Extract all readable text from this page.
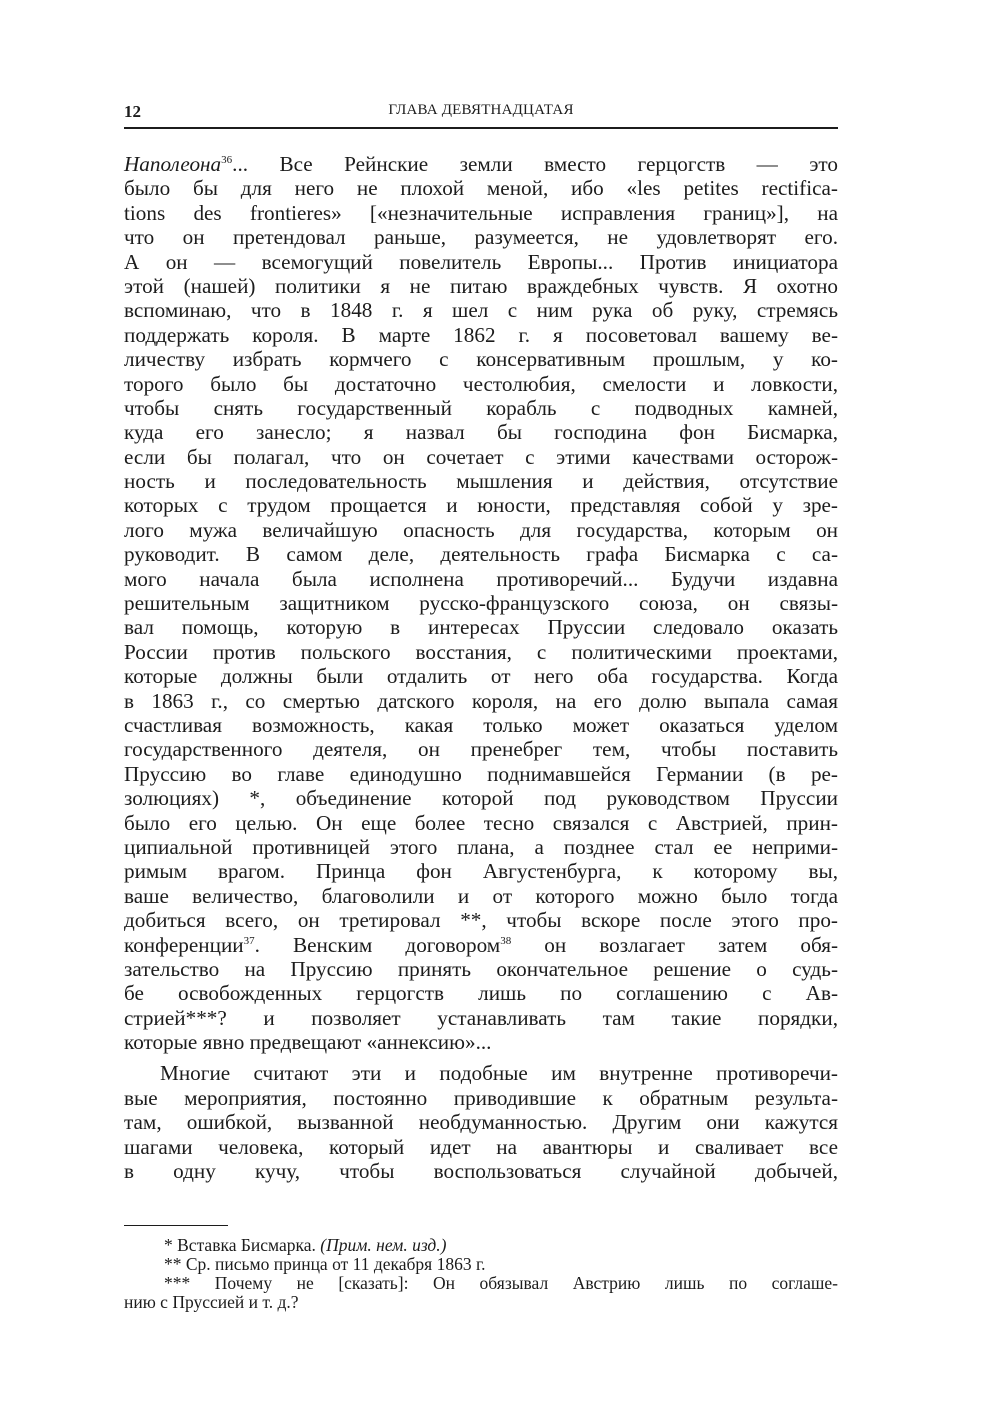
12	ГЛАВА ДЕВЯТНАДЦАТАЯ
Наполеона$^{36}$... Все Рейнские земли вместо герцогств — это
было бы для него не плохой меной, ибо «les petites rectifica-
tions des frontieres» [«незначительные исправления границ»], на
что он претендовал раньше, разумеется, не удовлетворят его.
А он — всемогущий повелитель Европы... Против инициатора
этой (нашей) политики я не питаю враждебных чувств. Я охотно
вспоминаю, что в 1848 г. я шел с ним рука об руку, стремясь
поддержать короля. В марте 1862 г. я посоветовал вашему ве-
личеству избрать кормчего с консервативным прошлым, у ко-
торого было бы достаточно честолюбия, смелости и ловкости,
чтобы снять государственный корабль с подводных камней,
куда его занесло; я назвал бы господина фон Бисмарка,
если бы полагал, что он сочетает с этими качествами осторож-
ность и последовательность мышления и действия, отсутствие
которых с трудом прощается и юности, представляя собой у зре-
лого мужа величайшую опасность для государства, которым он
руководит. В самом деле, деятельность графа Бисмарка с са-
мого начала была исполнена противоречий... Будучи издавна
решительным защитником русско-французского союза, он связы-
вал помощь, которую в интересах Пруссии следовало оказать
России против польского восстания, с политическими проектами,
которые должны были отдалить от него оба государства. Когда
в 1863 г., со смертью датского короля, на его долю выпала самая
счастливая возможность, какая только может оказаться уделом
государственного деятеля, он пренебрег тем, чтобы поставить
Пруссию во главе единодушно поднимавшейся Германии (в ре-
золюциях) *, объединение которой под руководством Пруссии
было его целью. Он еще более тесно связался с Австрией, прин-
ципиальной противницей этого плана, а позднее стал ее неприми-
римым врагом. Принца фон Августенбурга, к которому вы,
ваше величество, благоволили и от которого можно было тогда
добиться всего, он третировал **, чтобы вскоре после этого про-
конференции$^{37}$. Венским договором$^{38}$ он возлагает затем обя-
зательство на Пруссию принять окончательное решение о судь-
бе освобожденных герцогств лишь по соглашению с Ав-
стрией***? и позволяет устанавливать там такие порядки,
которые явно предвещают «аннексию»...
Многие считают эти и подобные им внутренне противоречи-
вые мероприятия, постоянно приводившие к обратным результа-
там, ошибкой, вызванной необдуманностью. Другим они кажутся
шагами человека, который идет на авантюры и сваливает все
в одну кучу, чтобы воспользоваться случайной добычей,
* Вставка Бисмарка. (Прим. нем. изд.)
** Ср. письмо принца от 11 декабря 1863 г.
*** Почему не [сказать]: Он обязывал Австрию лишь по соглаше-
нию с Пруссией и т. д.?
